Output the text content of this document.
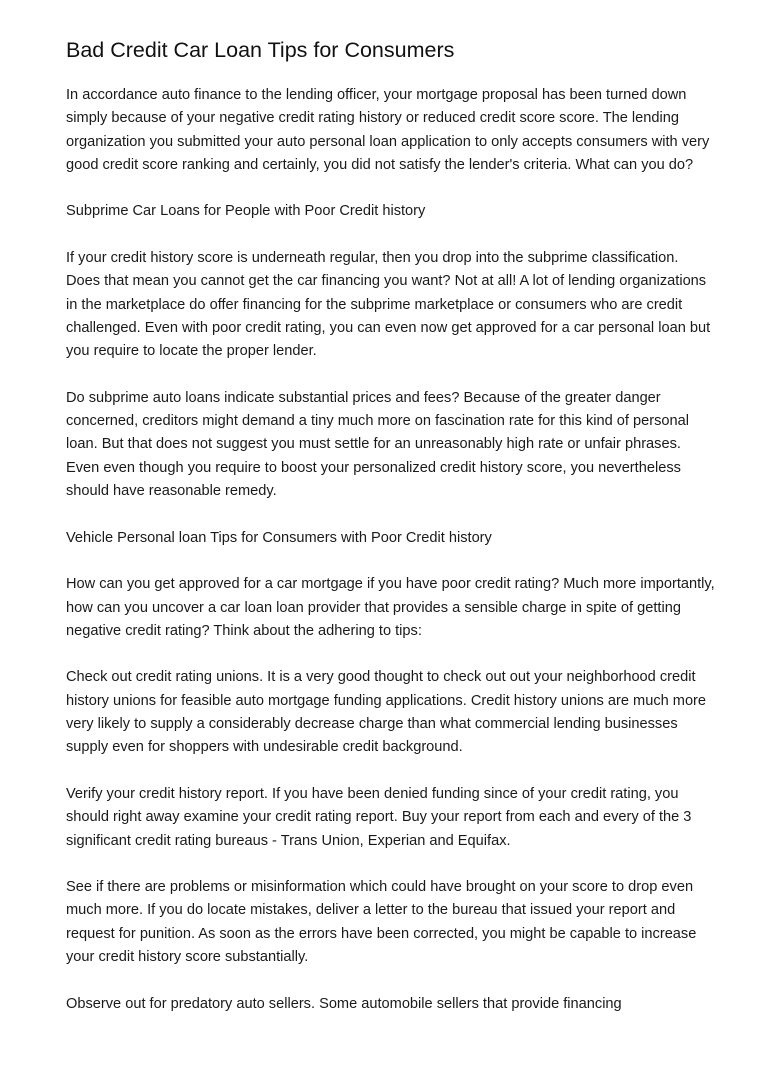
Bad Credit Car Loan Tips for Consumers

In accordance auto finance to the lending officer, your mortgage proposal has been turned down simply because of your negative credit rating history or reduced credit score score. The lending organization you submitted your auto personal loan application to only accepts consumers with very good credit score ranking and certainly, you did not satisfy the lender's criteria. What can you do?

Subprime Car Loans for People with Poor Credit history

If your credit history score is underneath regular, then you drop into the subprime classification. Does that mean you cannot get the car financing you want? Not at all! A lot of lending organizations in the marketplace do offer financing for the subprime marketplace or consumers who are credit challenged. Even with poor credit rating, you can even now get approved for a car personal loan but you require to locate the proper lender.

Do subprime auto loans indicate substantial prices and fees? Because of the greater danger concerned, creditors might demand a tiny much more on fascination rate for this kind of personal loan. But that does not suggest you must settle for an unreasonably high rate or unfair phrases. Even even though you require to boost your personalized credit history score, you nevertheless should have reasonable remedy.

Vehicle Personal loan Tips for Consumers with Poor Credit history

How can you get approved for a car mortgage if you have poor credit rating? Much more importantly, how can you uncover a car loan loan provider that provides a sensible charge in spite of getting negative credit rating? Think about the adhering to tips:

Check out credit rating unions. It is a very good thought to check out out your neighborhood credit history unions for feasible auto mortgage funding applications. Credit history unions are much more very likely to supply a considerably decrease charge than what commercial lending businesses supply even for shoppers with undesirable credit background.

Verify your credit history report. If you have been denied funding since of your credit rating, you should right away examine your credit rating report. Buy your report from each and every of the 3 significant credit rating bureaus - Trans Union, Experian and Equifax.

See if there are problems or misinformation which could have brought on your score to drop even much more. If you do locate mistakes, deliver a letter to the bureau that issued your report and request for punition. As soon as the errors have been corrected, you might be capable to increase your credit history score substantially.

Observe out for predatory auto sellers. Some automobile sellers that provide financing
